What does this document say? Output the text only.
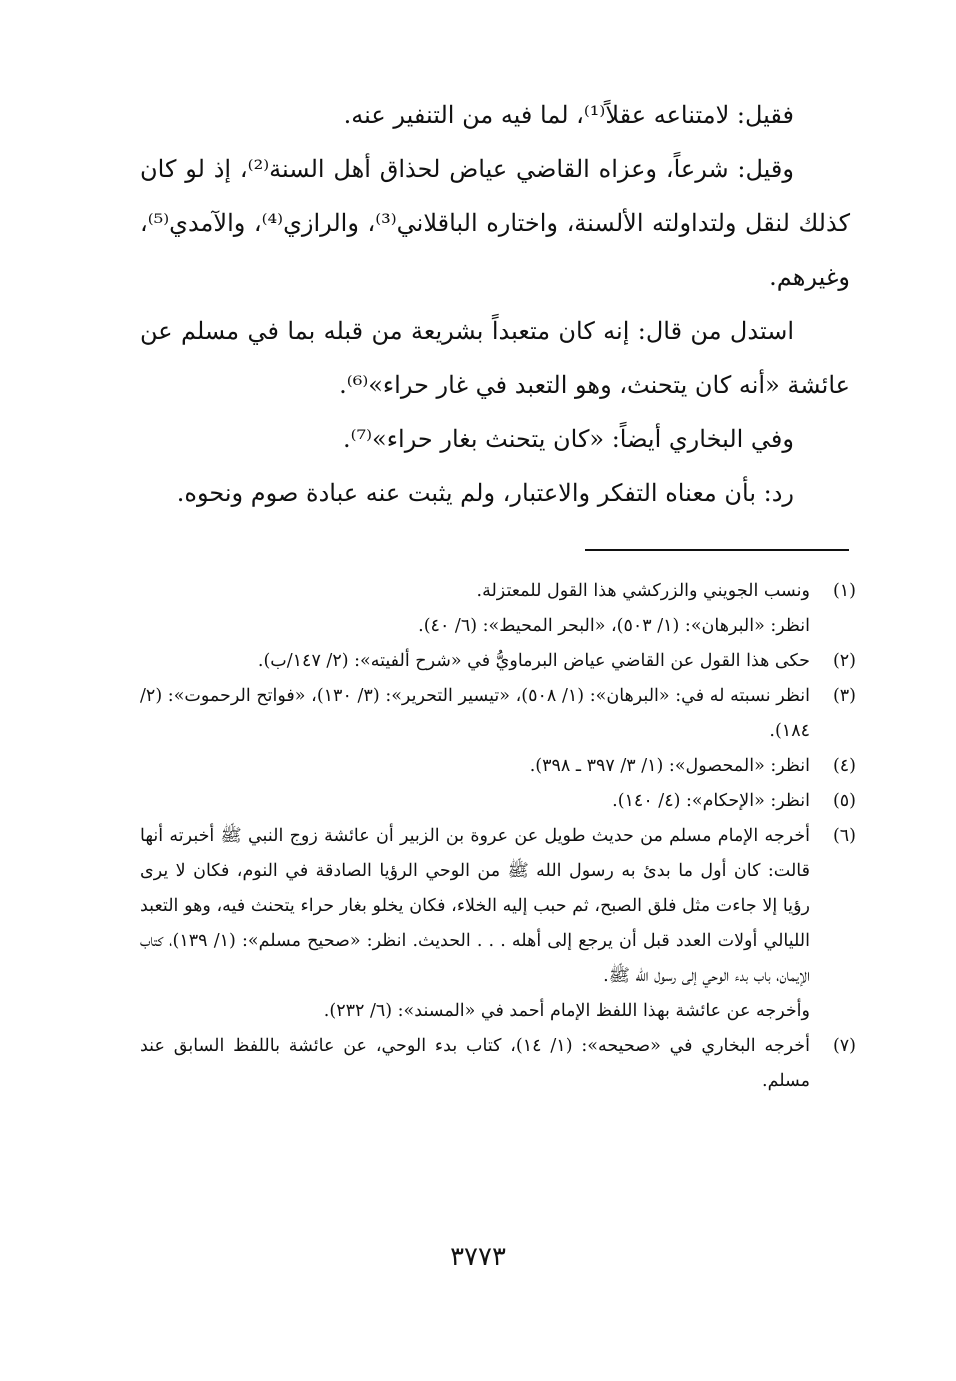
فقيل: لامتناعه عقلاً⁽¹⁾، لما فيه من التنفير عنه.

وقيل: شرعاً، وعزاه القاضي عياض لحذاق أهل السنة⁽²⁾، إذ لو كان كذلك لنقل ولتداولته الألسنة، واختاره الباقلاني⁽³⁾، والرازي⁽⁴⁾، والآمدي⁽⁵⁾، وغيرهم.

استدل من قال: إنه كان متعبداً بشريعة من قبله بما في مسلم عن عائشة «أنه كان يتحنث، وهو التعبد في غار حراء»⁽⁶⁾.

وفي البخاري أيضاً: «كان يتحنث بغار حراء»⁽⁷⁾.

رد: بأن معناه التفكر والاعتبار، ولم يثبت عنه عبادة صوم ونحوه.

(١)
ونسب الجويني والزركشي هذا القول للمعتزلة.
انظر: «البرهان»: (١/ ٥٠٣)، «البحر المحيط»: (٦/ ٤٠).
(٢)
حكى هذا القول عن القاضي عياض البرماويُّ في «شرح ألفيته»: (٢/ ١٤٧/ب).
(٣)
انظر نسبته له في: «البرهان»: (١/ ٥٠٨)، «تيسير التحرير»: (٣/ ١٣٠)، «فواتح الرحموت»: (٢/ ١٨٤).
(٤)
انظر: «المحصول»: (١/ ٣/ ٣٩٧ ـ ٣٩٨).
(٥)
انظر: «الإحكام»: (٤/ ١٤٠).
(٦)
أخرجه الإمام مسلم من حديث طويل عن عروة بن الزبير أن عائشة زوج النبي ﷺ أخبرته أنها قالت: كان أول ما بدئ به رسول الله ﷺ من الوحي الرؤيا الصادقة في النوم، فكان لا يرى رؤيا إلا جاءت مثل فلق الصبح، ثم حبب إليه الخلاء، فكان يخلو بغار حراء يتحنث فيه، وهو التعبد الليالي أولات العدد قبل أن يرجع إلى أهله . . . الحديث. انظر: «صحيح مسلم»: (١/ ١٣٩)، كتاب الإيمان، باب بدء الوحي إلى رسول الله ﷺ.
وأخرجه عن عائشة بهذا اللفظ الإمام أحمد في «المسند»: (٦/ ٢٣٢).
(٧)
أخرجه البخاري في «صحيحه»: (١/ ١٤)، كتاب بدء الوحي، عن عائشة باللفظ السابق عند مسلم.
٣٧٧٣
